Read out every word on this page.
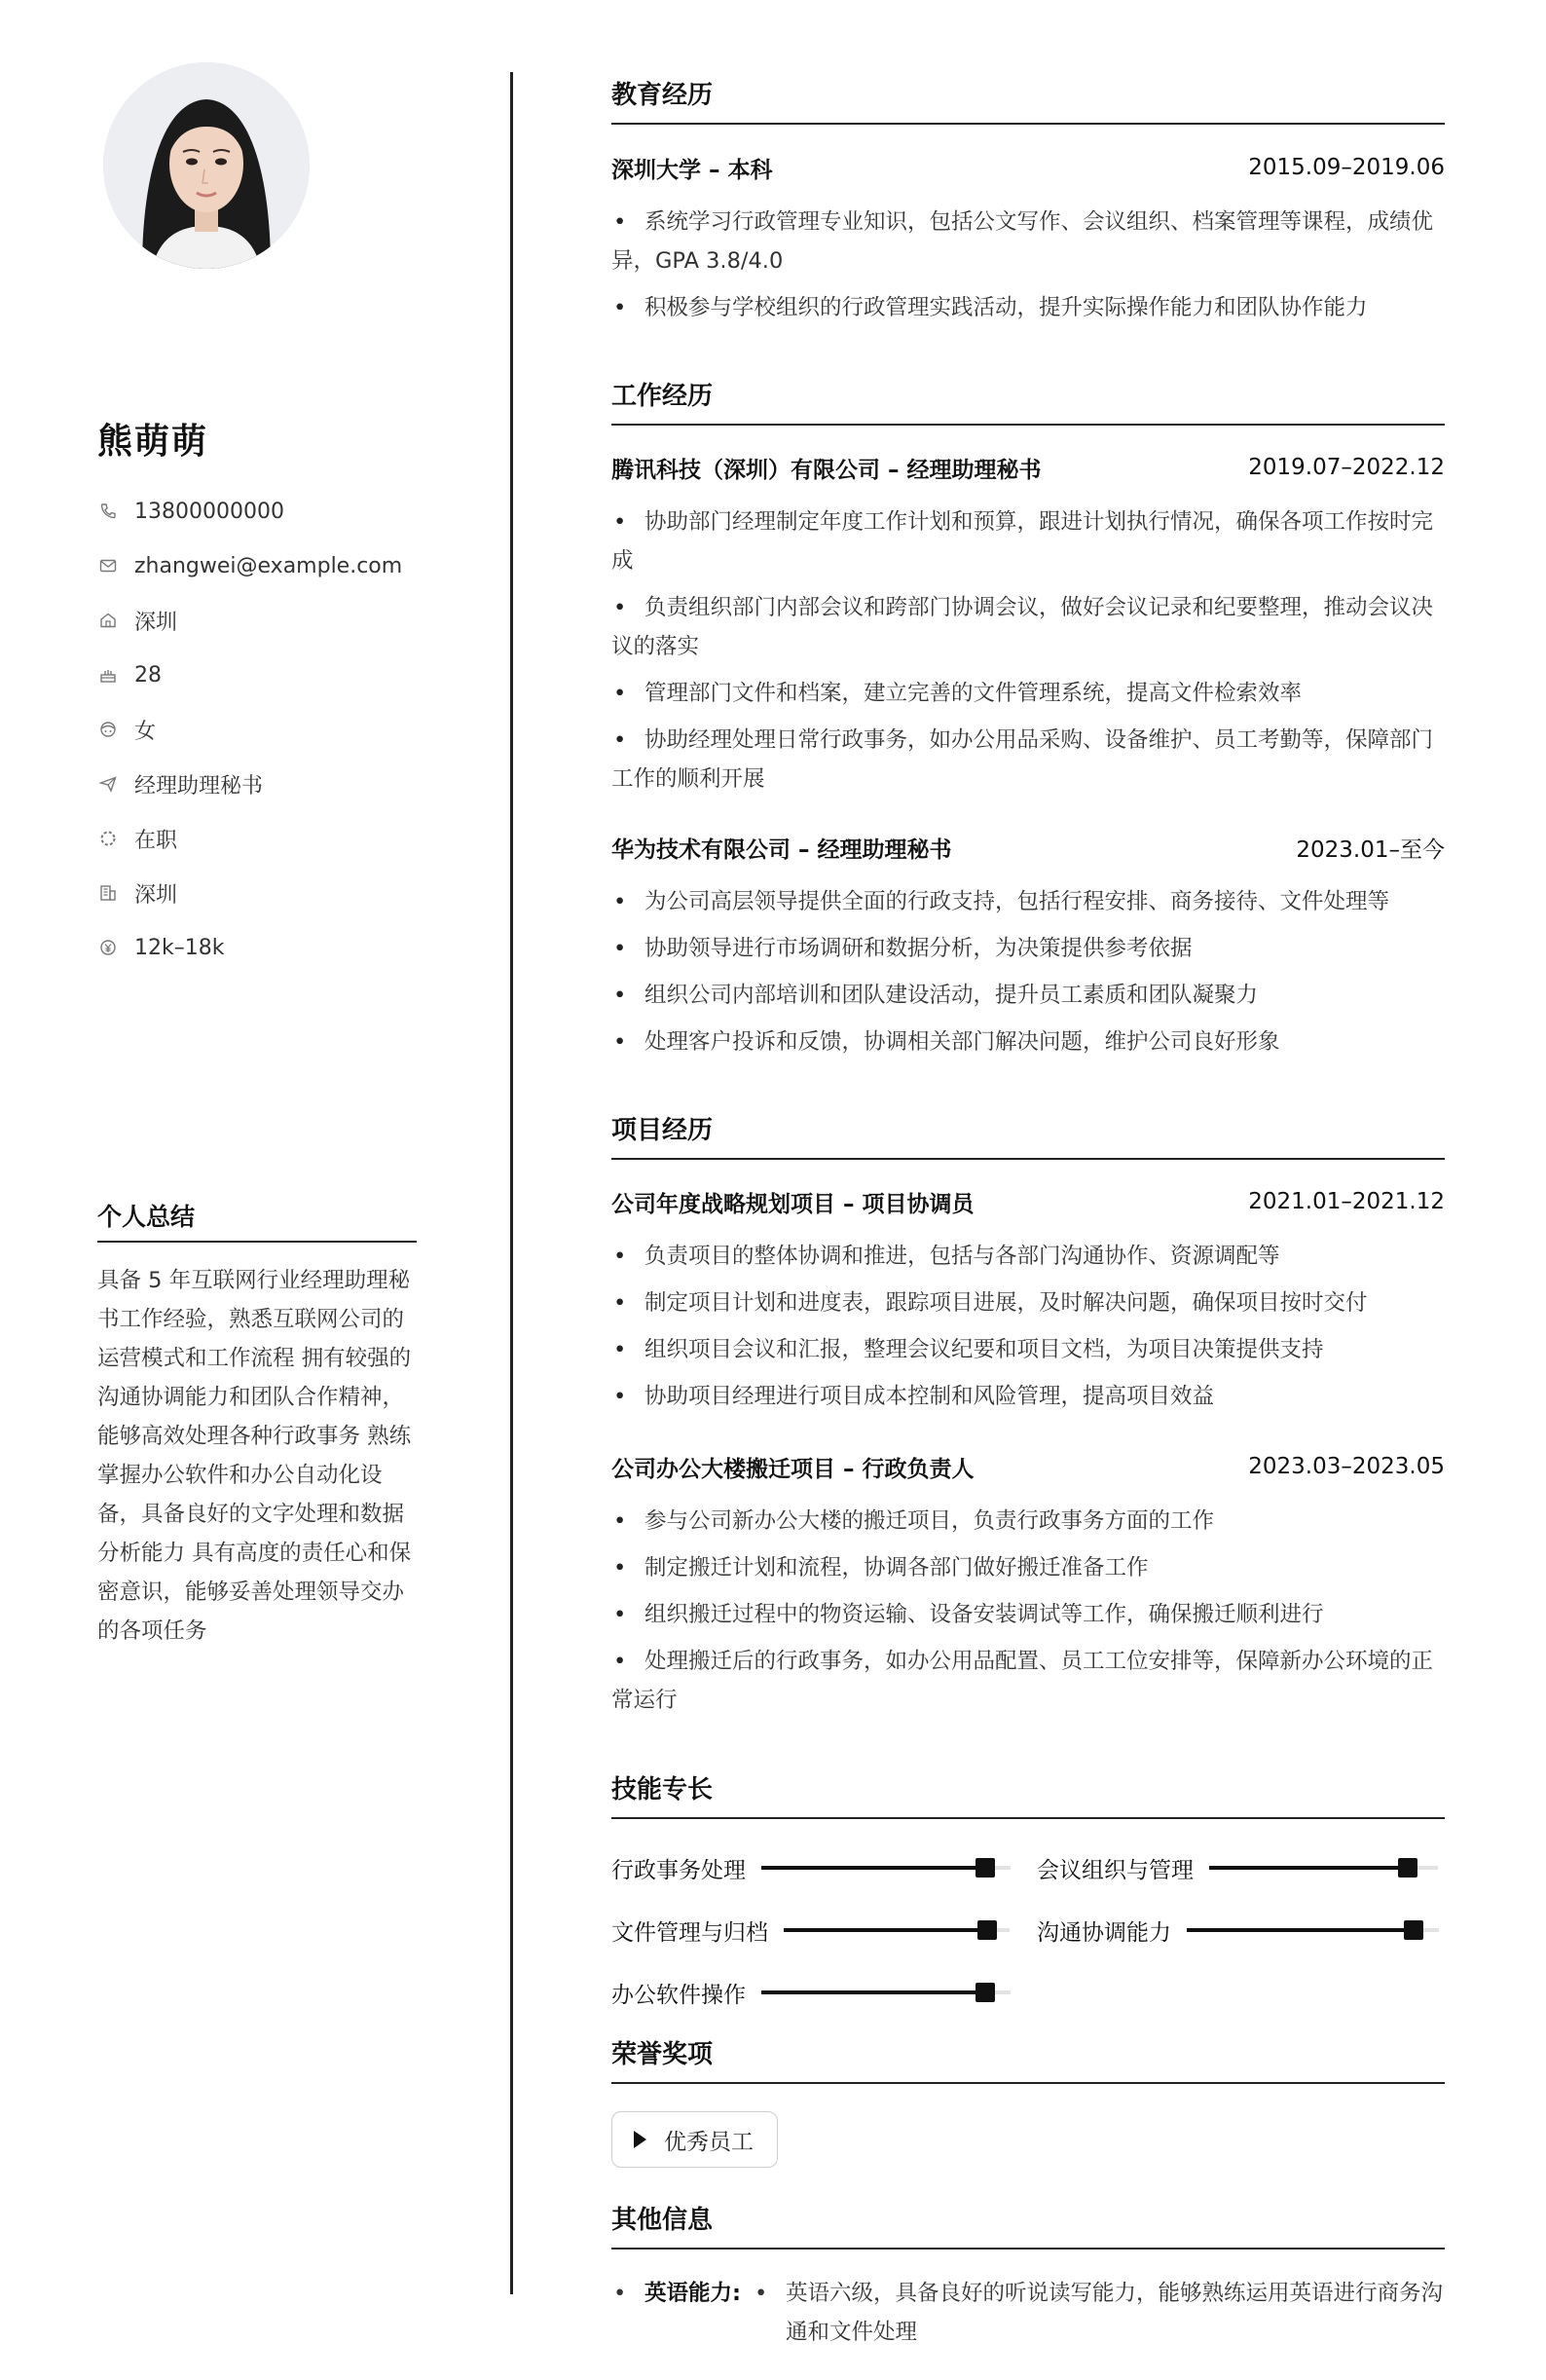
熊萌萌
13800000000
zhangwei@example.com
深圳
28
女
经理助理秘书
在职
深圳
12k–18k
个人总结
具备 5 年互联网行业经理助理秘书工作经验，熟悉互联网公司的运营模式和工作流程 拥有较强的沟通协调能力和团队合作精神，能够高效处理各种行政事务 熟练掌握办公软件和办公自动化设备，具备良好的文字处理和数据分析能力 具有高度的责任心和保密意识，能够妥善处理领导交办的各项任务
教育经历
深圳大学 – 本科	2015.09–2019.06
• 系统学习行政管理专业知识，包括公文写作、会议组织、档案管理等课程，成绩优异，GPA 3.8/4.0
• 积极参与学校组织的行政管理实践活动，提升实际操作能力和团队协作能力
工作经历
腾讯科技（深圳）有限公司 – 经理助理秘书	2019.07–2022.12
• 协助部门经理制定年度工作计划和预算，跟进计划执行情况，确保各项工作按时完成
• 负责组织部门内部会议和跨部门协调会议，做好会议记录和纪要整理，推动会议决议的落实
• 管理部门文件和档案，建立完善的文件管理系统，提高文件检索效率
• 协助经理处理日常行政事务，如办公用品采购、设备维护、员工考勤等，保障部门工作的顺利开展
华为技术有限公司 – 经理助理秘书	2023.01–至今
• 为公司高层领导提供全面的行政支持，包括行程安排、商务接待、文件处理等
• 协助领导进行市场调研和数据分析，为决策提供参考依据
• 组织公司内部培训和团队建设活动，提升员工素质和团队凝聚力
• 处理客户投诉和反馈，协调相关部门解决问题，维护公司良好形象
项目经历
公司年度战略规划项目 – 项目协调员	2021.01–2021.12
• 负责项目的整体协调和推进，包括与各部门沟通协作、资源调配等
• 制定项目计划和进度表，跟踪项目进展，及时解决问题，确保项目按时交付
• 组织项目会议和汇报，整理会议纪要和项目文档，为项目决策提供支持
• 协助项目经理进行项目成本控制和风险管理，提高项目效益
公司办公大楼搬迁项目 – 行政负责人	2023.03–2023.05
• 参与公司新办公大楼的搬迁项目，负责行政事务方面的工作
• 制定搬迁计划和流程，协调各部门做好搬迁准备工作
• 组织搬迁过程中的物资运输、设备安装调试等工作，确保搬迁顺利进行
• 处理搬迁后的行政事务，如办公用品配置、员工工位安排等，保障新办公环境的正常运行
技能专长
行政事务处理	会议组织与管理
文件管理与归档	沟通协调能力
办公软件操作
荣誉奖项
优秀员工
其他信息
• 英语能力: • 英语六级，具备良好的听说读写能力，能够熟练运用英语进行商务沟通和文件处理
